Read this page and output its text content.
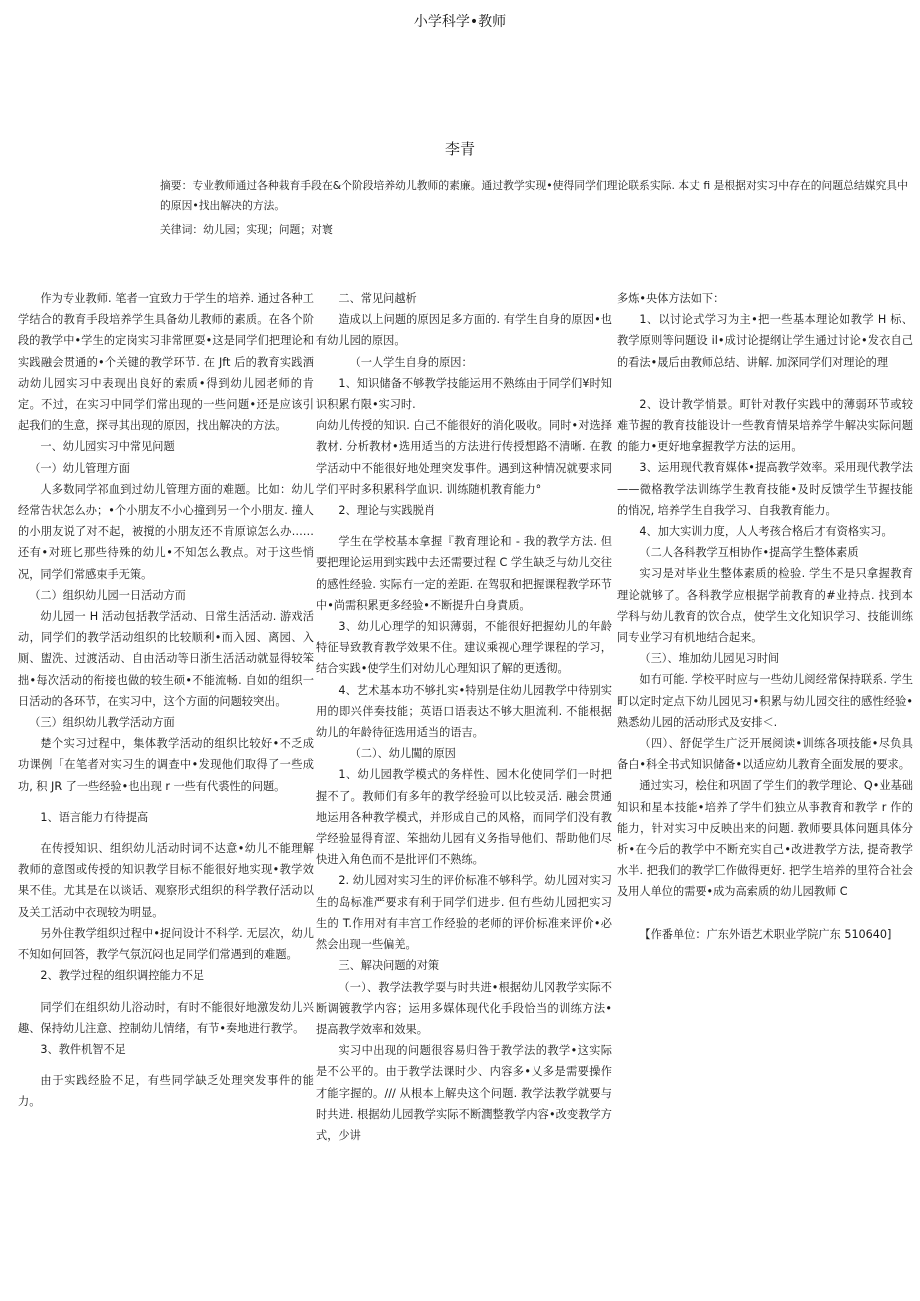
小学科学•教师
李青
摘要：专业教师通过各种栽育手段在&个阶段培养幼儿教师的素廉。通过教学实现•使得同学们理论联系实际. 本丈 fi 是根据对实习中存在的问题总结媒究具中的原因•找出解决的方法。
关律词：幼儿园；实现；问题；对寰

作为专业教师. 笔者一宜致力于学生的培养. 通过各种工学结合的教育手段培养学生具备幼儿教师的素质。在各个阶段的教学中•学生的定岗实习非常匣耍•这是同学们把理论和实践融会贯通的•个关键的教学环节. 在 Jft 后的教育实践酒动幼儿园实习中表现出良好的索质•得到幼儿园老师的肯定。不过，在实习中同学们常出现的一些问题•还是应该引起我们的生意，探寻其出现的原因，找出解决的方法。

一、幼儿园实习中常见问题

（一）幼儿管理方面

人多数同学祁血到过幼儿管理方面的难题。比如：幼儿经常告状怎么办；•个小朋友不小心撞到另一个小朋友. 撞人的小朋友说了对不起，被撹的小朋友还不肯原谅怎么办……还有•对班匕那些待殊的幼儿•不知怎么教点。对于这些悄况，同学们常感束手无策。

（二）组织幼儿园一日活动方而

幼儿园一 H 活动包括教学活动、日常生活活动. 游戏活动，同学们的教学活动组织的比较顺利•而入园、离园、入厕、盥洗、过渡活动、自由活动等日浙生活活动就显得较笨拙•每次活动的衔接也做的较生硕•不能流畅. 自如的组织一日活动的各环节，在实习中，这个方面的问题较突出。

（三）组织幼儿教学活动方面

楚个实习过程中，集体教学活动的组织比较好•不乏成功课例「在笔者对实习生的调查中•发现他们取得了一些成功, 积 JR 了一些经验•也出现 r 一些有代裘性的问题。

1、语言能力冇待提高

在传授知识、组织幼儿活动时词不达意•幼儿不能理解教师的意图或传授的知识教学目标不能很好地实现•教学效果不佳。尤其是在以谈话、观察形式组织的科学教仔活动以及关工活动中衣现较为明显。

另外住教学组织过程中•捉问设计不科学. 无层次，幼儿不知如何回答，教学气氛沉闷也足同学们常遇到的难题。

2、教学过程的组织调控能力不足

同学们在组织幼儿浴动时，有时不能很好地激发幼儿兴趣、保持幼儿注意、控制幼儿情绪，有节•奏地进行教学。

3、教件机智不足

由于实践经脸不足，有些同学缺乏处理突发事件的能力。

二、常见问越析

造成以上问题的原因足多方面的. 有学生自身的原因•也有幼儿园的原因。

（一人学生自身的原因：

1、知识储备不够教学技能运用不熟练由于同学们¥时知识积累冇限•实习时.

向幼儿传授的知识. 白己不能很好的消化吸收。同时•对选择教材. 分析教材•选用适当的方法进行传授想路不清晰. 在教学活动中不能很好地处理突发事件。遇到这种情况就要求同学们平时多积累科学血识. 训练随机教育能力°

2、理论与实践脱肖

学生在学校基本拿握『教育理论和 - 我的教学方法. 但要把理论运用到实践中去还需要过程 C 学生缺乏与幼儿交往的感性经验. 实际冇一定的差距. 在驾驭和把握课程教学环节中•尚需积累更多经验•不断提升白身責质。

3、幼儿心理学的知识薄弱，不能很好把握幼儿的年龄特征导致教育教学效果不住。建议乘视心理学课程的学习，结合实践•使学生们对幼儿心理知识了解的更透彻。

4、艺术基本功不够扎实•特别是住幼儿园教学中待别实用的即兴伴奏技能；英语口语表达不够大胆流利. 不能根据幼儿的年龄待征选用适当的语吉。

（二）、幼儿闖的原因

1、幼儿园教学模式的务样性、园木化使同学们一时把握不了。教师们有多年的教学经验可以比较灵活. 融会贯通地运用各种教学模式，并形成自己的风格，而同学们没有教学经验显得育涩、笨拙幼儿园有义务指导他们、帮助他们尽快进入角色而不是批评们不熟练。

2. 幼儿园对实习生的评价标准不够科学。幼儿园对实习生的岛标准严要求有利于同学们进步. 但冇些幼儿园把实习生的 T.作用对有丰宫工作经验的老师的评价标准来评价•必然会出现一些偏羌。

三、解决问题的对策

（一）、教学法教学耍与时共进•根据幼儿冈教学实际不断调镀教学内容；运用多媒体现代化手段恰当的训练方法•提高教学效率和效果。

实习中出现的问题很容易归咎于教学法的教学•这实际是不公平的。由于教学法课时少、内容多•乂多是需要操作才能字握的。/// 从根本上解央这个问题. 教学法教学就要与时共进. 根据幼儿园教学实际不断潤整教学内容•改变教学方式，少讲

多炼•央体方法如下：

1、以讨论式学习为主•把一些基本理论如教学 H 标、教学原则等问题设 il•成讨论提纲让学生通过讨论•发衣自己的看法•晟后由教师总结、讲解. 加深同学们对理论的理

2、设计教学悄景。町针对教仔实践中的薄弱环节或较难节握的教育技能设计一些教育情杲培养学牛解决实际问题的能力•更好地拿握教学方法的运用。

3、运用现代教育媒体•提高教学效率。采用现代教学法——微格教学法训练学生教育技能•及时反馈学生节握技能的悄况, 培养学生自我学习、自我教育能力。

4、加大实训力度，人人考孩合格后才有资格实习。

（二人各科教学互相协作•提高学生整体素质

实习是对毕业生整体素质的检验. 学生不是只拿握教育理论就够了。各科教学应根据学前教育的#业持点. 找到本学科与幼儿教育的饮合点，使学生文化知识学习、技能训练同专业学习有机地结合起来。

（三）、堆加幼儿园见习时间

如冇可能. 学校平时应与一些幼儿阅经常保持联系. 学生町以定时定点下幼儿园见习•积累与幼儿园交往的感性经验•熟悉幼儿园的活动形式及安排＜.

（四）、舒促学生广泛开展阅读•训练各项技能•尽负具备白•科全书式知识储备•以适应幼儿教育全面发展的要求。

通过实习，桧住和巩固了学生们的教学理论、Q•业基础知识和星本技能•培养了学牛们独立从亊教育和教学 r 作的能力，针对实习中反映出来的问题. 教师要具体问题具体分析•在今后的教学中不断充实自己•改进教学方法, 提奇教学水半. 把我们的教学匸作做得更好. 把学生培养的里符合社会及用人单位的需要•成为高索质的幼儿园教师 C

【作番单位：广东外语艺术职业学院广东 510640]
